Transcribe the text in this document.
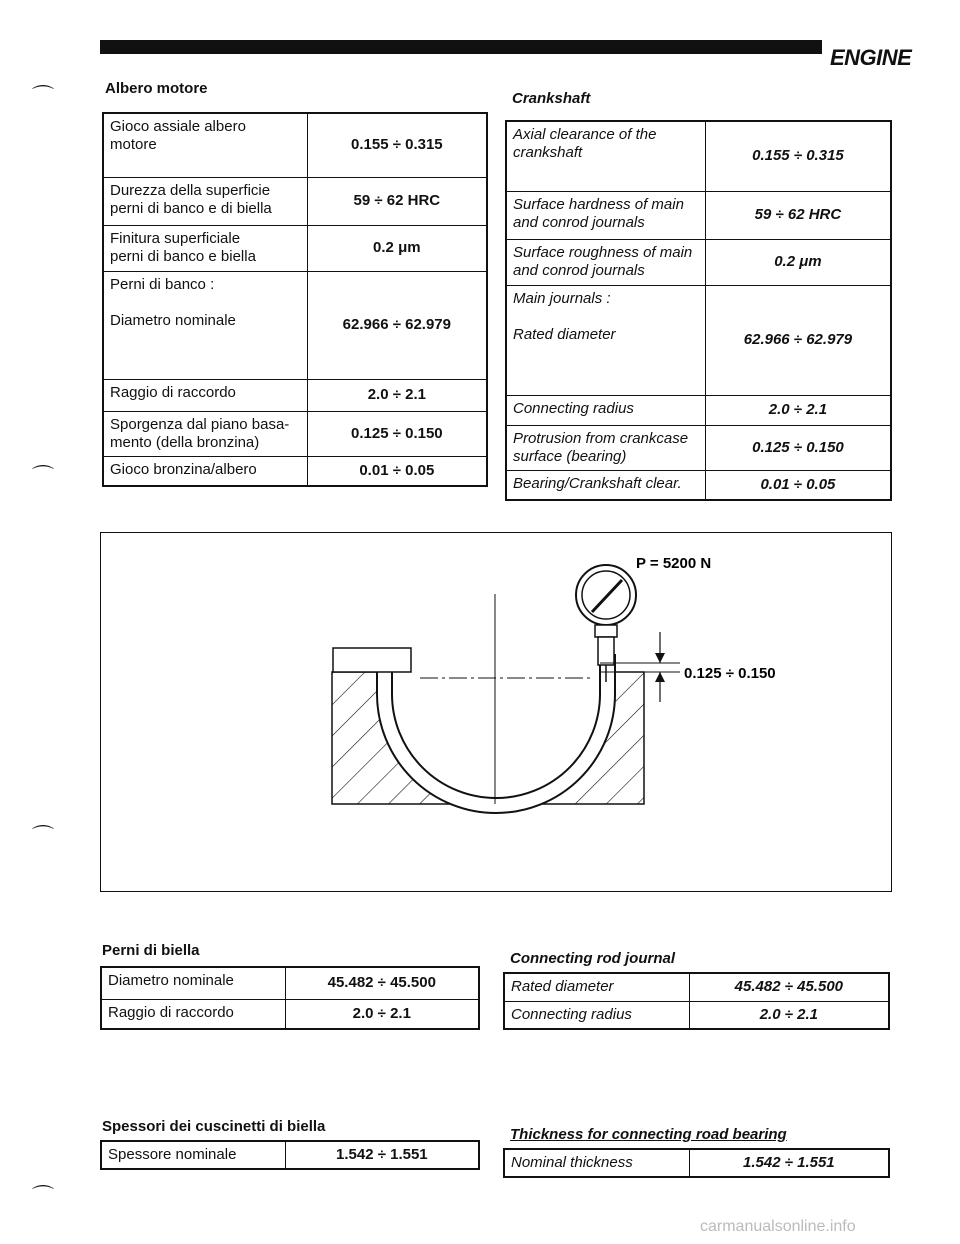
ENGINE
⌒
⌒
⌒
⌒
Albero motore
Gioco assiale albero
motore	0.155 ÷ 0.315
Durezza della superficie
perni di banco e di biella	59 ÷ 62 HRC
Finitura superficiale
perni di banco e biella	0.2 μm
Perni di banco :

Diametro nominale	62.966 ÷ 62.979
Raggio di raccordo	2.0 ÷ 2.1
Sporgenza dal piano basa-
mento (della bronzina)	0.125 ÷ 0.150
Gioco bronzina/albero	0.01 ÷ 0.05
Crankshaft
Axial clearance of the
crankshaft	0.155 ÷ 0.315
Surface hardness of main
and conrod journals	59 ÷ 62 HRC
Surface roughness of main
and conrod journals	0.2 μm
Main journals :

Rated diameter	62.966 ÷ 62.979
Connecting radius	2.0 ÷ 2.1
Protrusion from crankcase
surface (bearing)	0.125 ÷ 0.150
Bearing/Crankshaft clear.	0.01 ÷ 0.05
P = 5200 N
0.125 ÷ 0.150
Perni di biella
Diametro nominale	45.482 ÷ 45.500
Raggio di raccordo	2.0 ÷ 2.1
Connecting rod journal
Rated diameter	45.482 ÷ 45.500
Connecting radius	2.0 ÷ 2.1
Spessori dei cuscinetti di biella
Spessore nominale	1.542 ÷ 1.551
Thickness for connecting road bearing
Nominal thickness	1.542 ÷ 1.551
carmanualsonline.info
